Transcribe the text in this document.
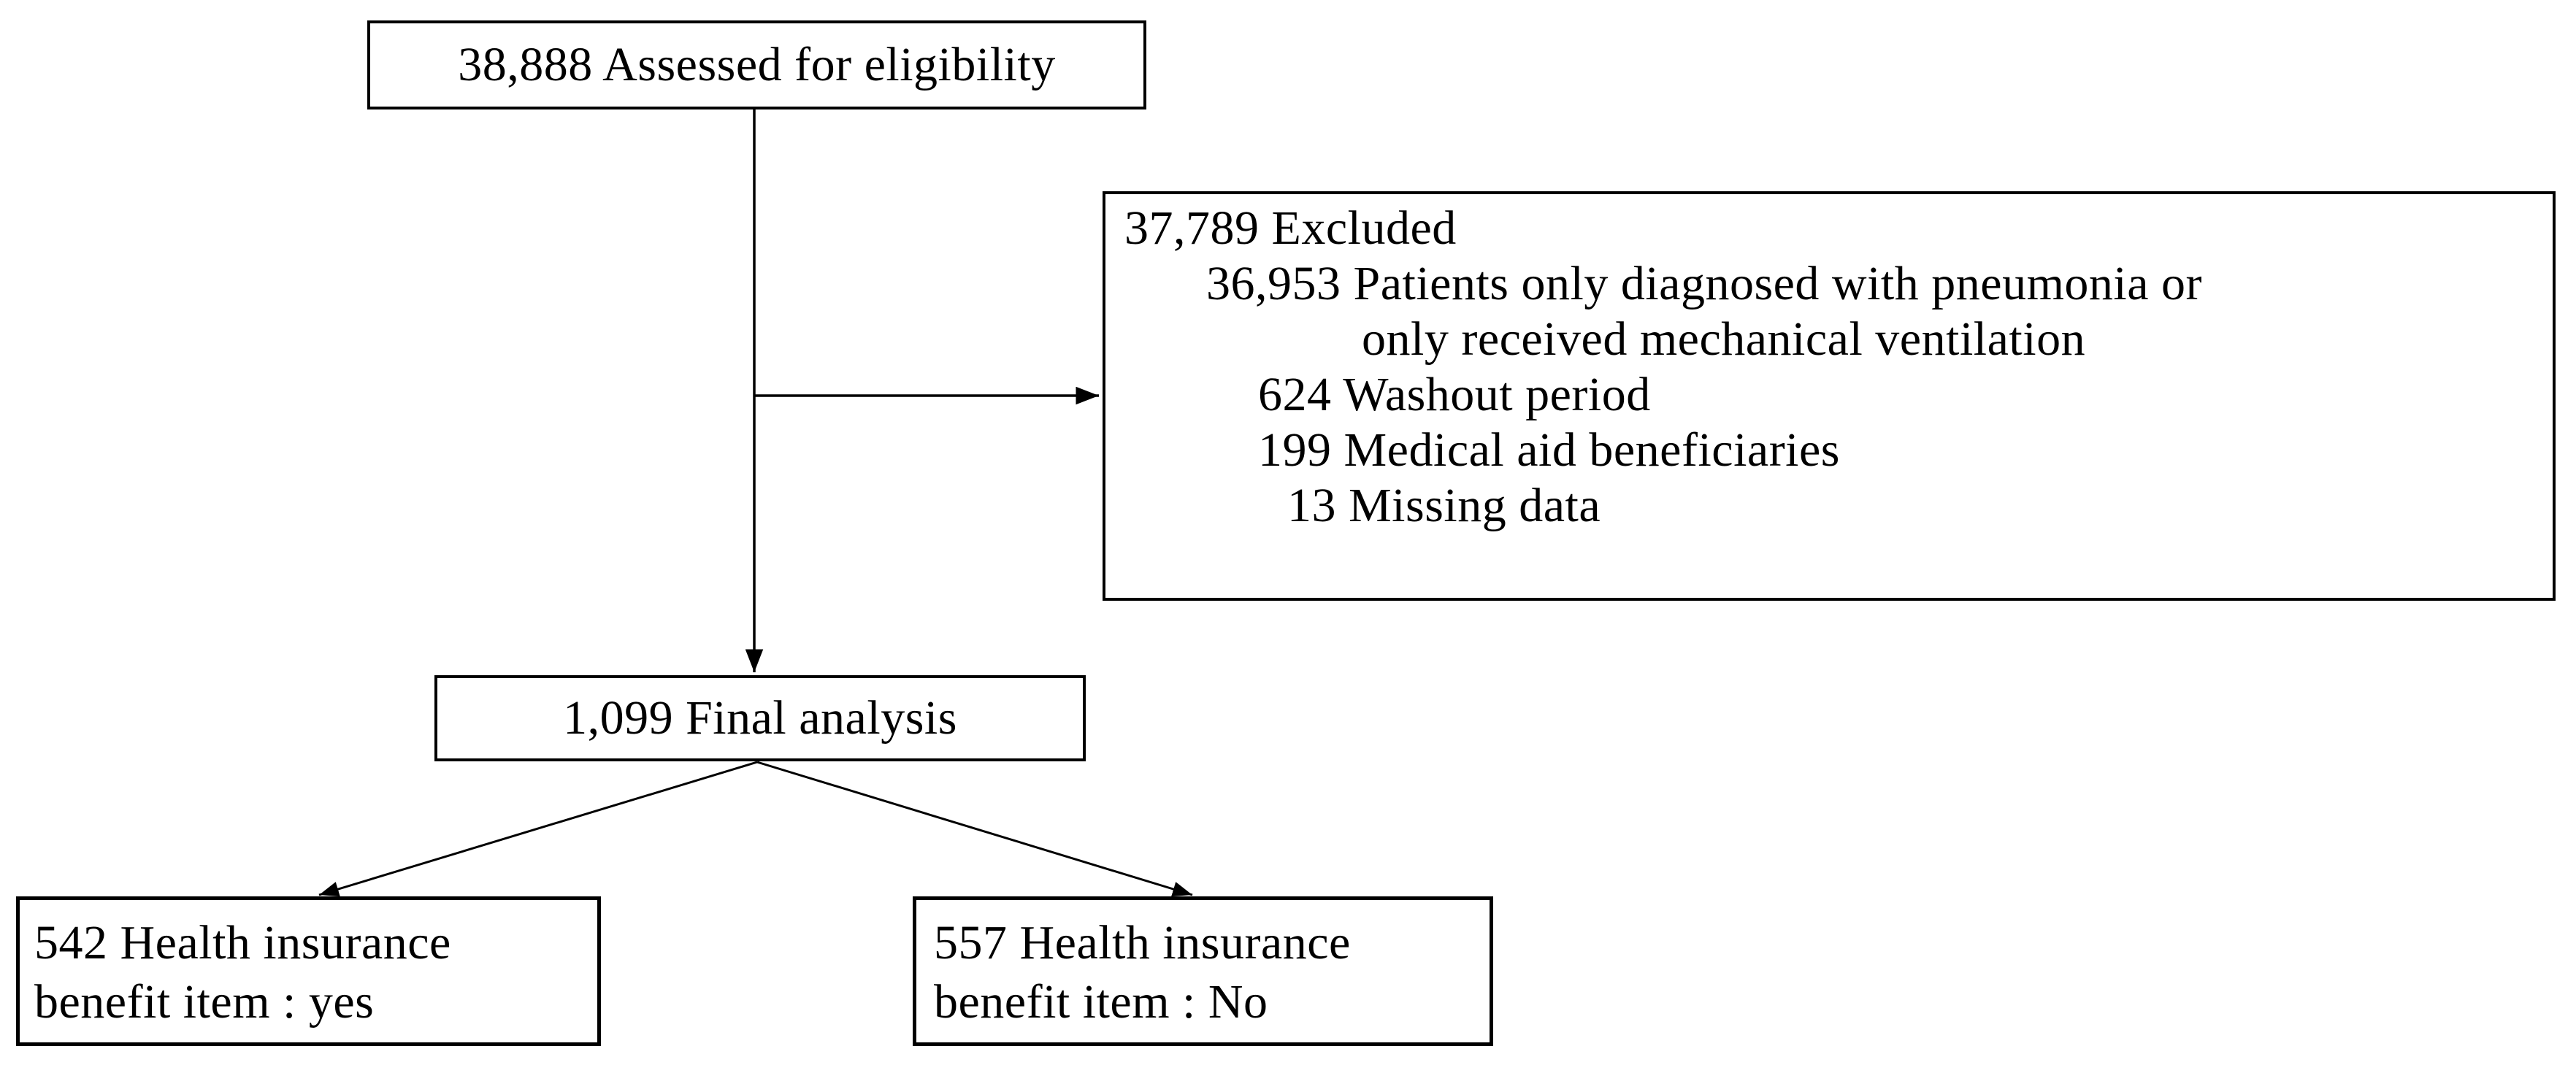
38,888 Assessed for eligibility
37,789 Excluded
36,953 Patients only diagnosed with pneumonia or
only received mechanical ventilation
624 Washout period
199 Medical aid beneficiaries
13 Missing data
1,099 Final analysis
542 Health insurance
benefit item : yes
557 Health insurance
benefit item : No
